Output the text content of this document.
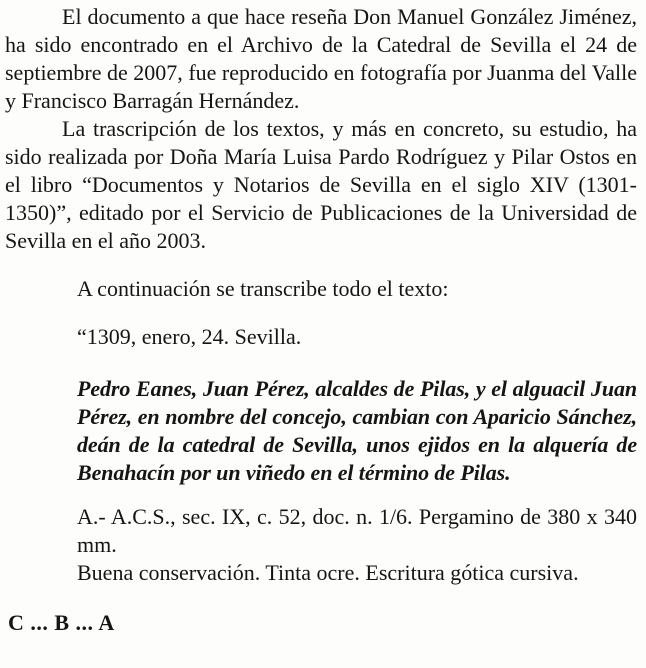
El documento a que hace reseña Don Manuel González Jiménez, ha sido encontrado en el Archivo de la Catedral de Sevilla el 24 de septiembre de 2007, fue reproducido en fotografía por Juanma del Valle y Francisco Barragán Hernández.

La trascripción de los textos, y más en concreto, su estudio, ha sido realizada por Doña María Luisa Pardo Rodríguez y Pilar Ostos en el libro “Documentos y Notarios de Sevilla en el siglo XIV (1301-1350)”, editado por el Servicio de Publicaciones de la Universidad de Sevilla en el año 2003.

A continuación se transcribe todo el texto:

“1309, enero, 24. Sevilla.

Pedro Eanes, Juan Pérez, alcaldes de Pilas, y el alguacil Juan Pérez, en nombre del concejo, cambian con Aparicio Sánchez, deán de la catedral de Sevilla, unos ejidos en la alquería de Benahacín por un viñedo en el término de Pilas.

A.- A.C.S., sec. IX, c. 52, doc. n. 1/6. Pergamino de 380 x 340 mm.

Buena conservación. Tinta ocre. Escritura gótica cursiva.

C ... B ... A
